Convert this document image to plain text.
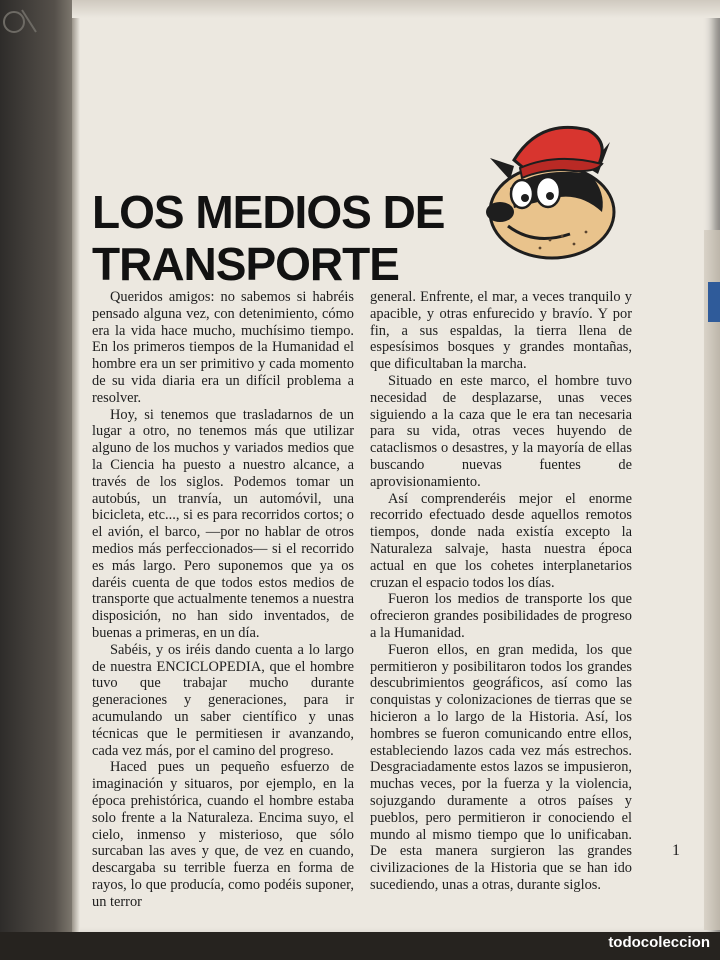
LOS MEDIOS DE
TRANSPORTE

Queridos amigos: no sabemos si habréis pensado alguna vez, con detenimiento, cómo era la vida hace mucho, muchísimo tiempo. En los primeros tiempos de la Humanidad el hombre era un ser primitivo y cada momento de su vida diaria era un difícil problema a resolver.

Hoy, si tenemos que trasladarnos de un lugar a otro, no tenemos más que utilizar alguno de los muchos y variados medios que la Ciencia ha puesto a nuestro alcance, a través de los siglos. Podemos tomar un autobús, un tranvía, un automóvil, una bicicleta, etc..., si es para recorridos cortos; o el avión, el barco, —por no hablar de otros medios más perfeccionados— si el recorrido es más largo. Pero suponemos que ya os daréis cuenta de que todos estos medios de transporte que actualmente tenemos a nuestra disposición, no han sido inventados, de buenas a primeras, en un día.

Sabéis, y os iréis dando cuenta a lo largo de nuestra ENCICLOPEDIA, que el hombre tuvo que trabajar mucho durante generaciones y generaciones, para ir acumulando un saber científico y unas técnicas que le permitiesen ir avanzando, cada vez más, por el camino del progreso.

Haced pues un pequeño esfuerzo de imaginación y situaros, por ejemplo, en la época prehistórica, cuando el hombre estaba solo frente a la Naturaleza. Encima suyo, el cielo, inmenso y misterioso, que sólo surcaban las aves y que, de vez en cuando, descargaba su terrible fuerza en forma de rayos, lo que producía, como podéis suponer, un terror

general. Enfrente, el mar, a veces tranquilo y apacible, y otras enfurecido y bravío. Y por fin, a sus espaldas, la tierra llena de espesísimos bosques y grandes montañas, que dificultaban la marcha.

Situado en este marco, el hombre tuvo necesidad de desplazarse, unas veces siguiendo a la caza que le era tan necesaria para su vida, otras veces huyendo de cataclismos o desastres, y la mayoría de ellas buscando nuevas fuentes de aprovisionamiento.

Así comprenderéis mejor el enorme recorrido efectuado desde aquellos remotos tiempos, donde nada existía excepto la Naturaleza salvaje, hasta nuestra época actual en que los cohetes interplanetarios cruzan el espacio todos los días.

Fueron los medios de transporte los que ofrecieron grandes posibilidades de progreso a la Humanidad.

Fueron ellos, en gran medida, los que permitieron y posibilitaron todos los grandes descubrimientos geográficos, así como las conquistas y colonizaciones de tierras que se hicieron a lo largo de la Historia. Así, los hombres se fueron comunicando entre ellos, estableciendo lazos cada vez más estrechos. Desgraciadamente estos lazos se impusieron, muchas veces, por la fuerza y la violencia, sojuzgando duramente a otros países y pueblos, pero permitieron ir conociendo el mundo al mismo tiempo que lo unificaban. De esta manera surgieron las grandes civilizaciones de la Historia que se han ido sucediendo, unas a otras, durante siglos.

1
todocoleccion
